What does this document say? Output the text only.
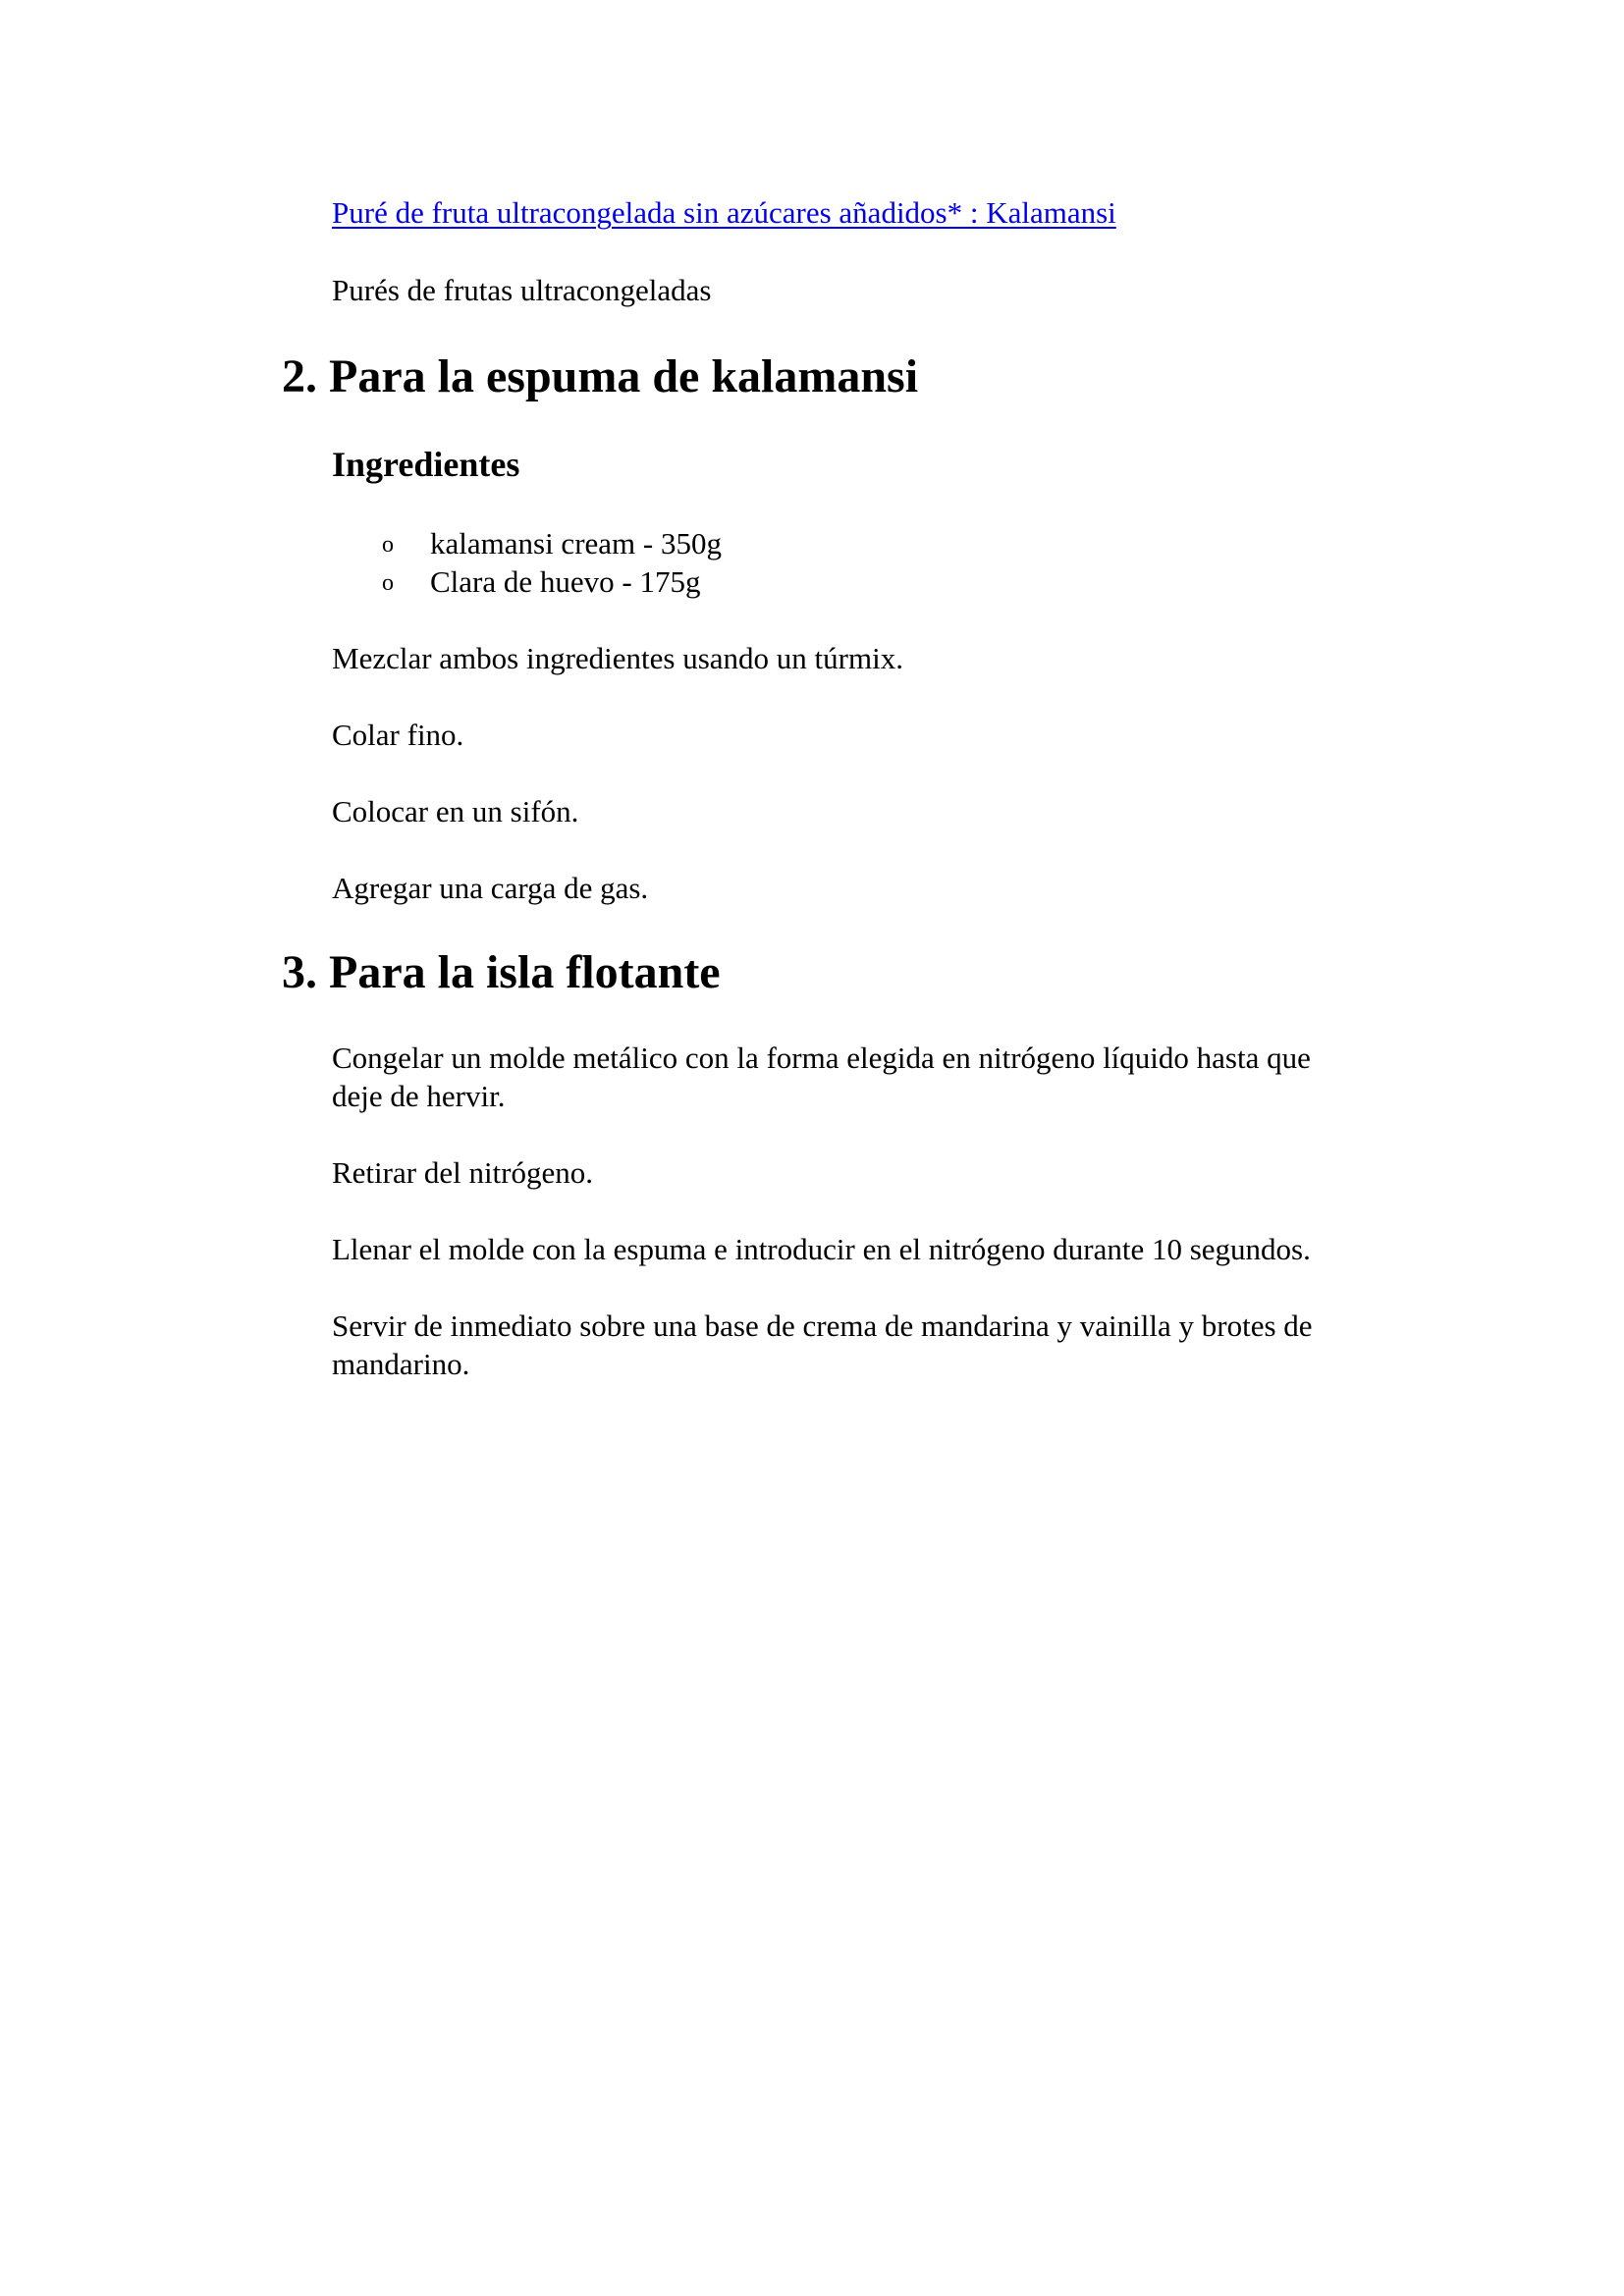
Puré de fruta ultracongelada sin azúcares añadidos* : Kalamansi

Purés de frutas ultracongeladas

2. Para la espuma de kalamansi
Ingredientes
o kalamansi cream - 350g
o Clara de huevo - 175g

Mezclar ambos ingredientes usando un túrmix.

Colar fino.

Colocar en un sifón.

Agregar una carga de gas.

3. Para la isla flotante

Congelar un molde metálico con la forma elegida en nitrógeno líquido hasta que

deje de hervir.

Retirar del nitrógeno.

Llenar el molde con la espuma e introducir en el nitrógeno durante 10 segundos.

Servir de inmediato sobre una base de crema de mandarina y vainilla y brotes de

mandarino.
